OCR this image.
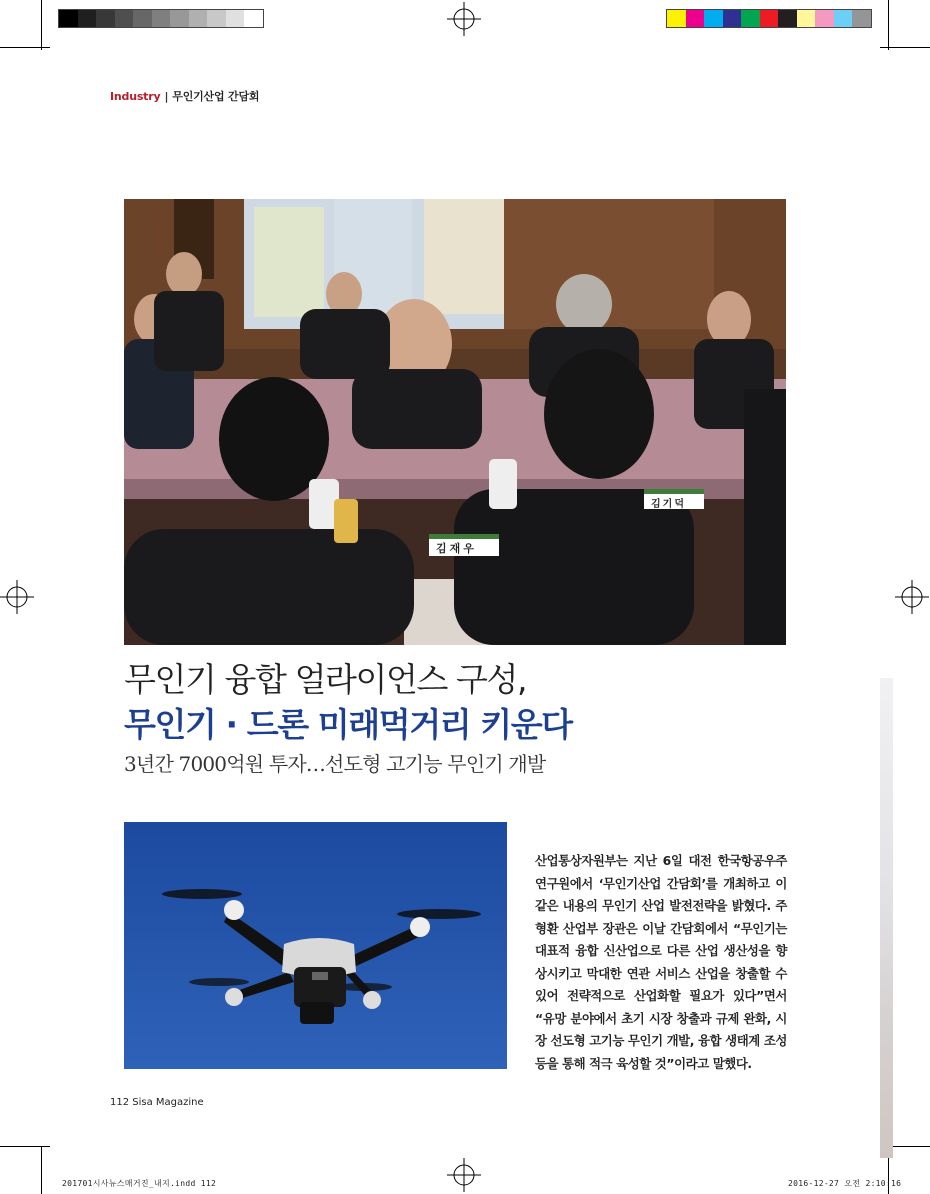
Industry | 무인기산업 간담회
김재우
김기덕
무인기 융합 얼라이언스 구성,
무인기 · 드론 미래먹거리 키운다
3년간 7000억원 투자…선도형 고기능 무인기 개발
산업통상자원부는 지난 6일 대전 한국항공우주연구원에서 ‘무인기산업 간담회’를 개최하고 이 같은 내용의 무인기 산업 발전전략을 밝혔다. 주형환 산업부 장관은 이날 간담회에서 “무인기는 대표적 융합 신산업으로 다른 산업 생산성을 향상시키고 막대한 연관 서비스 산업을 창출할 수 있어 전략적으로 산업화할 필요가 있다”면서 “유망 분야에서 초기 시장 창출과 규제 완화, 시장 선도형 고기능 무인기 개발, 융합 생태계 조성 등을 통해 적극 육성할 것”이라고 말했다.
112 Sisa Magazine
201701시사뉴스매거진_내지.indd 112	2016-12-27 오전 2:10:16
